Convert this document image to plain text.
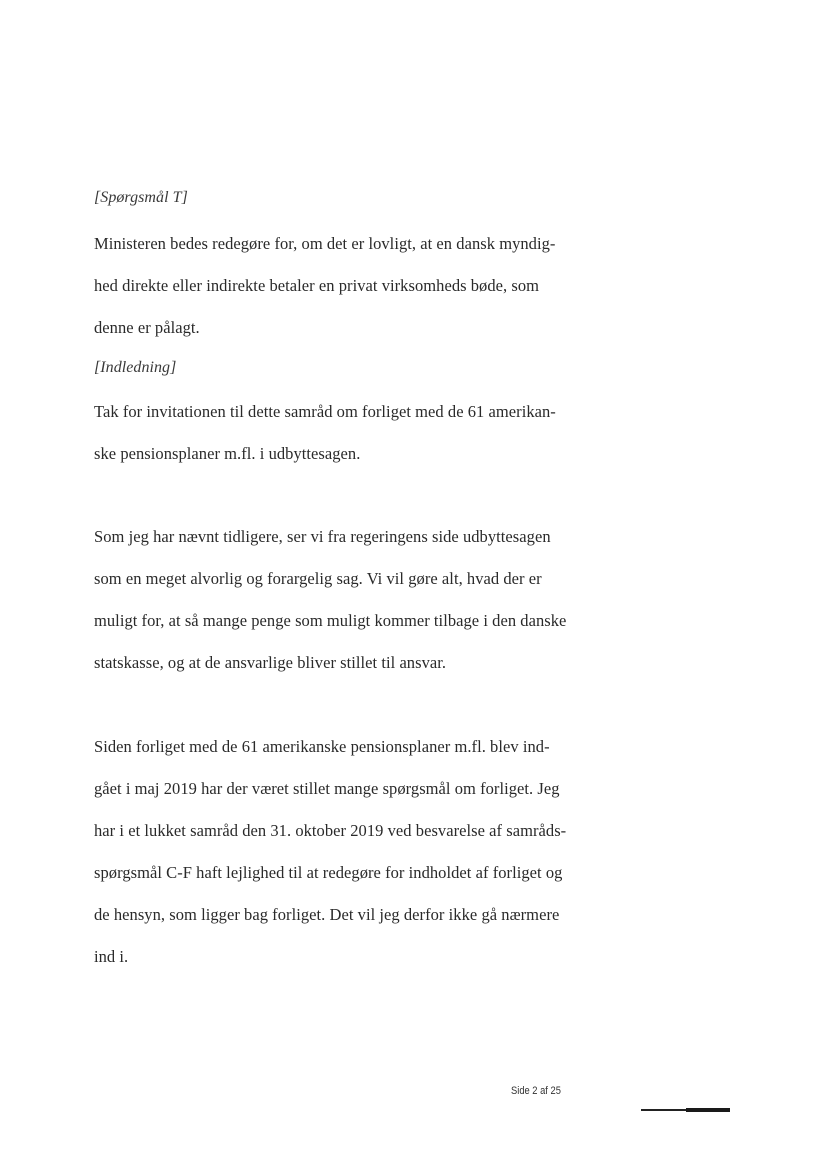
[Spørgsmål T]
Ministeren bedes redegøre for, om det er lovligt, at en dansk myndig-
hed direkte eller indirekte betaler en privat virksomheds bøde, som
denne er pålagt.
[Indledning]
Tak for invitationen til dette samråd om forliget med de 61 amerikan-
ske pensionsplaner m.fl. i udbyttesagen.
Som jeg har nævnt tidligere, ser vi fra regeringens side udbyttesagen
som en meget alvorlig og forargelig sag. Vi vil gøre alt, hvad der er
muligt for, at så mange penge som muligt kommer tilbage i den danske
statskasse, og at de ansvarlige bliver stillet til ansvar.
Siden forliget med de 61 amerikanske pensionsplaner m.fl. blev ind-
gået i maj 2019 har der været stillet mange spørgsmål om forliget. Jeg
har i et lukket samråd den 31. oktober 2019 ved besvarelse af samråds-
spørgsmål C-F haft lejlighed til at redegøre for indholdet af forliget og
de hensyn, som ligger bag forliget. Det vil jeg derfor ikke gå nærmere
ind i.
Side 2 af 25
